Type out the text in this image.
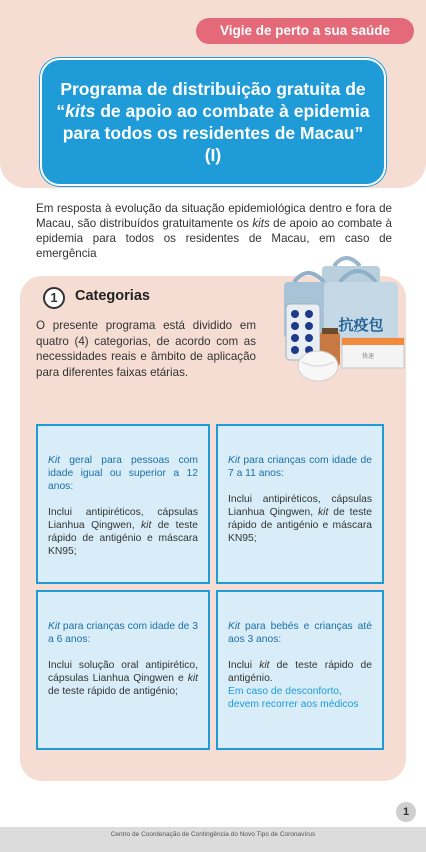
Vigie de perto a sua saúde
Programa de distribuição gratuita de “kits de apoio ao combate à epidemia para todos os residentes de Macau” (I)

Em resposta à evolução da situação epidemiológica dentro e fora de Macau, são distribuídos gratuitamente os kits de apoio ao combate à epidemia para todos os residentes de Macau, em caso de emergência

1	Categorias

O presente programa está dividido em quatro (4) categorias, de acordo com as necessidades reais e âmbito de aplicação para diferentes faixas etárias.

抗疫包
快速
Kit geral para pessoas com idade igual ou superior a 12 anos:
Inclui antipiréticos, cápsulas Lianhua Qingwen, kit de teste rápido de antigénio e máscara KN95;
Kit para crianças com idade de 7 a 11 anos:
Inclui antipiréticos, cápsulas Lianhua Qingwen, kit de teste rápido de antigénio e máscara KN95;
Kit para crianças com idade de 3 a 6 anos:
Inclui solução oral antipirético, cápsulas Lianhua Qingwen e kit de teste rápido de antigénio;
Kit para bebés e crianças até aos 3 anos:
Inclui kit de teste rápido de antigénio.
Em caso de desconforto, devem recorrer aos médicos
1
Centro de Coordenação de Contingência do Novo Tipo de Coronavírus
